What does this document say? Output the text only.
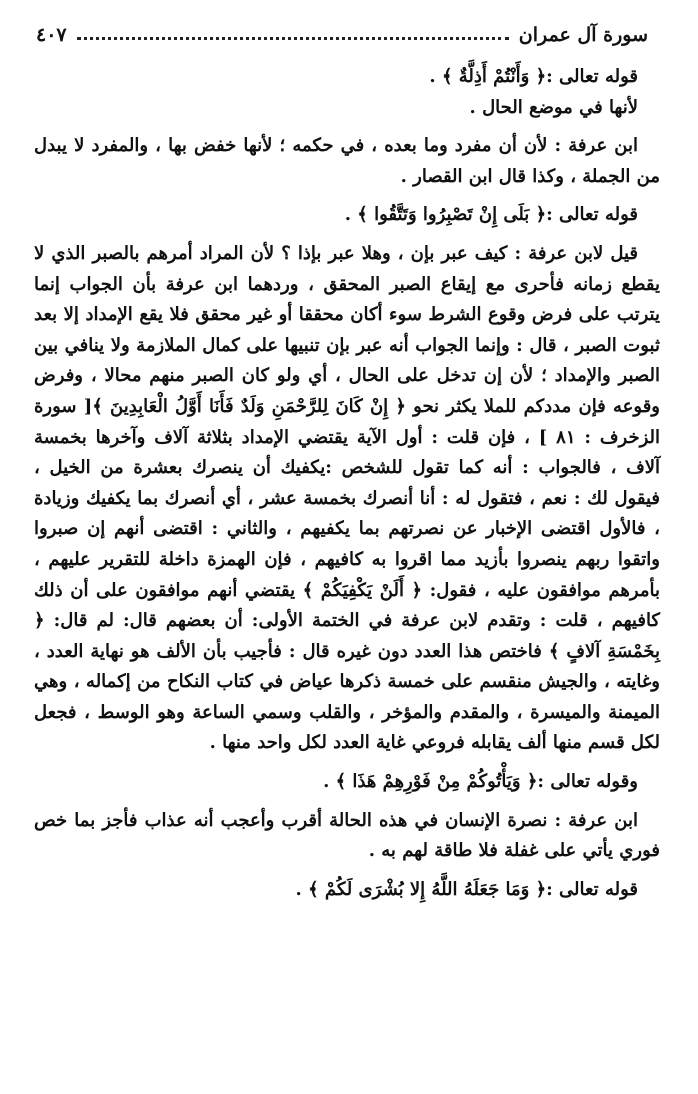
سورة آل عمران
٤٠٧

قوله تعالى :﴿ وَأَنْتُمْ أَذِلَّةٌ ﴾ .

لأنها في موضع الحال .

ابن عرفة : لأن أن مفرد وما بعده ، في حكمه ؛ لأنها خفض بها ، والمفرد لا يبدل من الجملة ، وكذا قال ابن القصار .

قوله تعالى :﴿ بَلَى إِنْ تَصْبِرُوا وَتَتَّقُوا ﴾ .

قيل لابن عرفة : كيف عبر بإن ، وهلا عبر بإذا ؟ لأن المراد أمرهم بالصبر الذي لا يقطع زمانه فأحرى مع إيقاع الصبر المحقق ، وردهما ابن عرفة بأن الجواب إنما يترتب على فرض وقوع الشرط سوء أكان محققا أو غير محقق فلا يقع الإمداد إلا بعد ثبوت الصبر ، قال : وإنما الجواب أنه عبر بإن تنبيها على كمال الملازمة ولا ينافي بين الصبر والإمداد ؛ لأن إن تدخل على الحال ، أي ولو كان الصبر منهم محالا ، وفرض وقوعه فإن مددكم للملا يكثر نحو ﴿ إِنْ كَانَ لِلرَّحْمَنِ وَلَدٌ فَأَنَا أَوَّلُ الْعَابِدِينَ ﴾[ سورة الزخرف : ٨١ ] ، فإن قلت : أول الآية يقتضي الإمداد بثلاثة آلاف وآخرها بخمسة آلاف ، فالجواب : أنه كما تقول للشخص :يكفيك أن ينصرك بعشرة من الخيل ، فيقول لك : نعم ، فتقول له : أنا أنصرك بخمسة عشر ، أي أنصرك بما يكفيك وزيادة ، فالأول اقتضى الإخبار عن نصرتهم بما يكفيهم ، والثاني : اقتضى أنهم إن صبروا واتقوا ربهم ينصروا بأزيد مما اقروا به كافيهم ، فإن الهمزة داخلة للتقرير عليهم ، بأمرهم موافقون عليه ، فقول: ﴿ أَلَنْ يَكْفِيَكُمْ ﴾ يقتضي أنهم موافقون على أن ذلك كافيهم ، قلت : وتقدم لابن عرفة في الختمة الأولى: أن بعضهم قال: لم قال: ﴿ بِخَمْسَةِ آلافٍ ﴾ فاختص هذا العدد دون غيره قال : فأجيب بأن الألف هو نهاية العدد ، وغايته ، والجيش منقسم على خمسة ذكرها عياض في كتاب النكاح من إكماله ، وهي الميمنة والميسرة ، والمقدم والمؤخر ، والقلب وسمي الساعة وهو الوسط ، فجعل لكل قسم منها ألف يقابله فروعي غاية العدد لكل واحد منها .

وقوله تعالى :﴿ وَيَأْتُوكُمْ مِنْ فَوْرِهِمْ هَذَا ﴾ .

ابن عرفة : نصرة الإنسان في هذه الحالة أقرب وأعجب أنه عذاب فأجز بما خص فوري يأتي على غفلة فلا طاقة لهم به .

قوله تعالى :﴿ وَمَا جَعَلَهُ اللَّهُ إِلا بُشْرَى لَكُمْ ﴾ .
